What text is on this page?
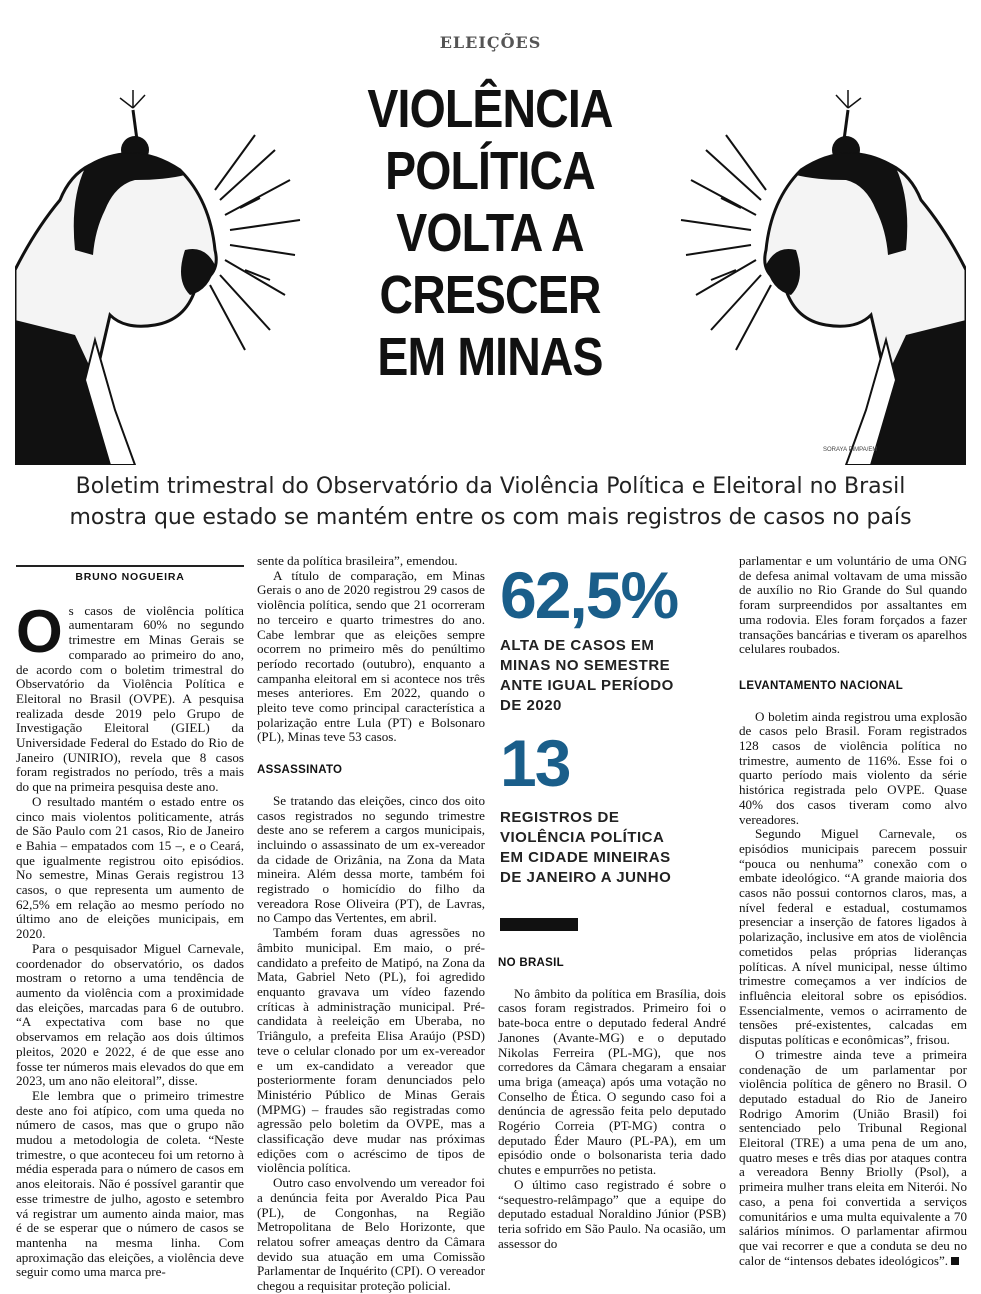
ELEIÇÕES
VIOLÊNCIA
POLÍTICA
VOLTA A
CRESCER
EM MINAS
SORAYA PIMPA/EM
Boletim trimestral do Observatório da Violência Política e Eleitoral no Brasil
mostra que estado se mantém entre os com mais registros de casos no país
BRUNO NOGUEIRA
O s casos de violência política aumentaram 60% no segundo trimestre em Minas Gerais se comparado ao primeiro do ano, de acordo com o boletim trimestral do Observatório da Violência Política e Eleitoral no Brasil (OVPE). A pesquisa realizada desde 2019 pelo Grupo de Investigação Eleitoral (GIEL) da Universidade Federal do Estado do Rio de Janeiro (UNIRIO), revela que 8 casos foram registrados no período, três a mais do que na primeira pesquisa deste ano.

O resultado mantém o estado entre os cinco mais violentos politicamente, atrás de São Paulo com 21 casos, Rio de Janeiro e Bahia – empatados com 15 –, e o Ceará, que igualmente registrou oito episódios. No semestre, Minas Gerais registrou 13 casos, o que representa um aumento de 62,5% em relação ao mesmo período no último ano de eleições municipais, em 2020.

Para o pesquisador Miguel Carnevale, coordenador do observatório, os dados mostram o retorno a uma tendência de aumento da violência com a proximidade das eleições, marcadas para 6 de outubro. “A expectativa com base no que observamos em relação aos dois últimos pleitos, 2020 e 2022, é de que esse ano fosse ter números mais elevados do que em 2023, um ano não eleitoral”, disse.

Ele lembra que o primeiro trimestre deste ano foi atípico, com uma queda no número de casos, mas que o grupo não mudou a metodologia de coleta. “Neste trimestre, o que aconteceu foi um retorno à média esperada para o número de casos em anos eleitorais. Não é possível garantir que esse trimestre de julho, agosto e setembro vá registrar um aumento ainda maior, mas é de se esperar que o número de casos se mantenha na mesma linha. Com aproximação das eleições, a violência deve seguir como uma marca pre-

sente da política brasileira”, emendou.

A título de comparação, em Minas Gerais o ano de 2020 registrou 29 casos de violência política, sendo que 21 ocorreram no terceiro e quarto trimestres do ano. Cabe lembrar que as eleições sempre ocorrem no primeiro mês do penúltimo período recortado (outubro), enquanto a campanha eleitoral em si acontece nos três meses anteriores. Em 2022, quando o pleito teve como principal característica a polarização entre Lula (PT) e Bolsonaro (PL), Minas teve 53 casos.

ASSASSINATO

Se tratando das eleições, cinco dos oito casos registrados no segundo trimestre deste ano se referem a cargos municipais, incluindo o assassinato de um ex-vereador da cidade de Orizânia, na Zona da Mata mineira. Além dessa morte, também foi registrado o homicídio do filho da vereadora Rose Oliveira (PT), de Lavras, no Campo das Vertentes, em abril.

Também foram duas agressões no âmbito municipal. Em maio, o pré-candidato a prefeito de Matipó, na Zona da Mata, Gabriel Neto (PL), foi agredido enquanto gravava um vídeo fazendo críticas à administração municipal. Pré-candidata à reeleição em Uberaba, no Triângulo, a prefeita Elisa Araújo (PSD) teve o celular clonado por um ex-vereador e um ex-candidato a vereador que posteriormente foram denunciados pelo Ministério Público de Minas Gerais (MPMG) – fraudes são registradas como agressão pelo boletim da OVPE, mas a classificação deve mudar nas próximas edições com o acréscimo de tipos de violência política.

Outro caso envolvendo um vereador foi a denúncia feita por Averaldo Pica Pau (PL), de Congonhas, na Região Metropolitana de Belo Horizonte, que relatou sofrer ameaças dentro da Câmara devido sua atuação em uma Comissão Parlamentar de Inquérito (CPI). O vereador chegou a requisitar proteção policial.

62,5%
ALTA DE CASOS EM
MINAS NO SEMESTRE
ANTE IGUAL PERÍODO
DE 2020
13
REGISTROS DE
VIOLÊNCIA POLÍTICA
EM CIDADE MINEIRAS
DE JANEIRO A JUNHO
NO BRASIL

No âmbito da política em Brasília, dois casos foram registrados. Primeiro foi o bate-boca entre o deputado federal André Janones (Avante-MG) e o deputado Nikolas Ferreira (PL-MG), que nos corredores da Câmara chegaram a ensaiar uma briga (ameaça) após uma votação no Conselho de Ética. O segundo caso foi a denúncia de agressão feita pelo deputado Rogério Correia (PT-MG) contra o deputado Éder Mauro (PL-PA), em um episódio onde o bolsonarista teria dado chutes e empurrões no petista.

O último caso registrado é sobre o “sequestro-relâmpago” que a equipe do deputado estadual Noraldino Júnior (PSB) teria sofrido em São Paulo. Na ocasião, um assessor do

parlamentar e um voluntário de uma ONG de defesa animal voltavam de uma missão de auxílio no Rio Grande do Sul quando foram surpreendidos por assaltantes em uma rodovia. Eles foram forçados a fazer transações bancárias e tiveram os aparelhos celulares roubados.

LEVANTAMENTO NACIONAL

O boletim ainda registrou uma explosão de casos pelo Brasil. Foram registrados 128 casos de violência política no trimestre, aumento de 116%. Esse foi o quarto período mais violento da série histórica registrada pelo OVPE. Quase 40% dos casos tiveram como alvo vereadores.

Segundo Miguel Carnevale, os episódios municipais parecem possuir “pouca ou nenhuma” conexão com o embate ideológico. “A grande maioria dos casos não possui contornos claros, mas, a nível federal e estadual, costumamos presenciar a inserção de fatores ligados à polarização, inclusive em atos de violência cometidos pelas próprias lideranças políticas. A nível municipal, nesse último trimestre começamos a ver indícios de influência eleitoral sobre os episódios. Essencialmente, vemos o acirramento de tensões pré-existentes, calcadas em disputas políticas e econômicas”, frisou.

O trimestre ainda teve a primeira condenação de um parlamentar por violência política de gênero no Brasil. O deputado estadual do Rio de Janeiro Rodrigo Amorim (União Brasil) foi sentenciado pelo Tribunal Regional Eleitoral (TRE) a uma pena de um ano, quatro meses e três dias por ataques contra a vereadora Benny Briolly (Psol), a primeira mulher trans eleita em Niterói. No caso, a pena foi convertida a serviços comunitários e uma multa equivalente a 70 salários mínimos. O parlamentar afirmou que vai recorrer e que a conduta se deu no calor de “intensos debates ideológicos”.
